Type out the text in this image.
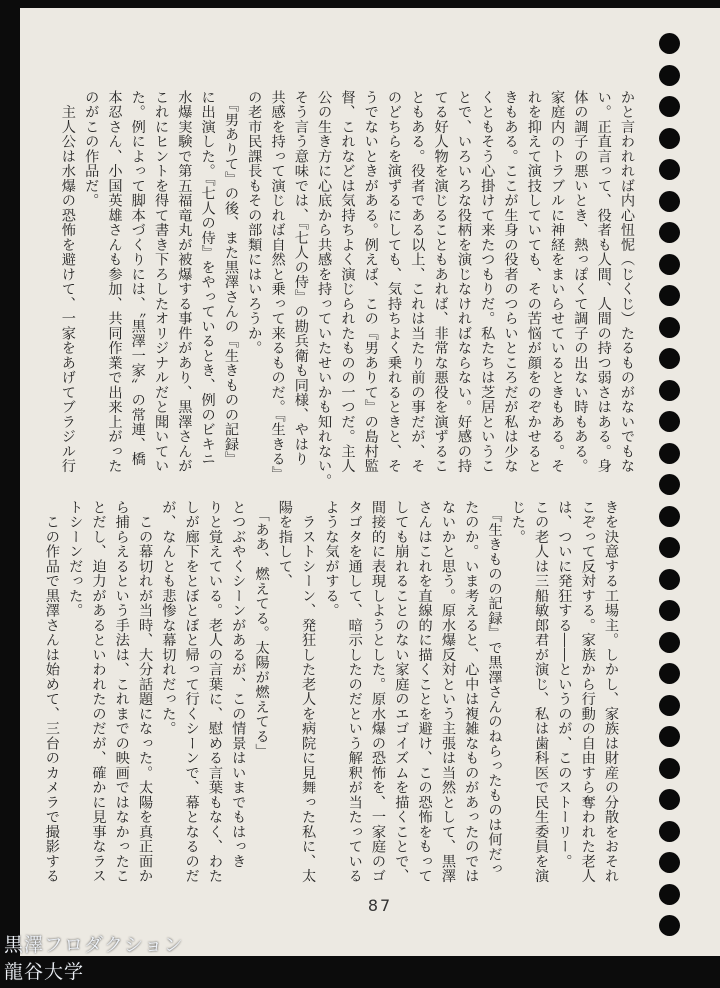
かと言われれば内心忸怩（じくじ）たるものがないでもな
い。正直言って、役者も人間、人間の持つ弱さはある。身
体の調子の悪いとき、熱っぽくて調子の出ない時もある。
家庭内のトラブルに神経をまいらせているときもある。そ
れを抑えて演技していても、その苦悩が顔をのぞかせると
きもある。ここが生身の役者のつらいところだが私は少な
くともそう心掛けて来たつもりだ。私たちは芝居というこ
とで、いろいろな役柄を演じなければならない。好感の持
てる好人物を演じることもあれば、非常な悪役を演ずるこ
ともある。役者である以上、これは当たり前の事だが、そ
のどちらを演ずるにしても、気持ちよく乗れるときと、そ
うでないときがある。例えば、この『男ありて』の島村監
督、これなどは気持ちよく演じられたものの一つだ。主人
公の生き方に心底から共感を持っていたせいかも知れない。
そう言う意味では、『七人の侍』の勘兵衛も同様、やはり
共感を持って演じれば自然と乗って来るものだ。『生きる』
の老市民課長もその部類にはいろうか。
　『男ありて』の後、また黒澤さんの『生きものの記録』
に出演した。『七人の侍』をやっているとき、例のビキニ
水爆実験で第五福竜丸が被爆する事件があり、黒澤さんが
これにヒントを得て書き下ろしたオリジナルだと聞いてい
た。例によって脚本づくりには、〝黒澤一家〟の常連、橋
本忍さん、小国英雄さんも参加、共同作業で出来上がった
のがこの作品だ。
　主人公は水爆の恐怖を避けて、一家をあげてブラジル行
きを決意する工場主。しかし、家族は財産の分散をおそれ
こぞって反対する。家族から行動の自由すら奪われた老人
は、ついに発狂する――というのが、このストーリー。
この老人は三船敏郎君が演じ、私は歯科医で民生委員を演
じた。
　『生きものの記録』で黒澤さんのねらったものは何だっ
たのか。いま考えると、心中は複雑なものがあったのでは
ないかと思う。原水爆反対という主張は当然として、黒澤
さんはこれを直線的に描くことを避け、この恐怖をもって
しても崩れることのない家庭のエゴイズムを描くことで、
間接的に表現しようとした。原水爆の恐怖を、一家庭のゴ
タゴタを通して、暗示したのだという解釈が当たっている
ような気がする。
　ラストシーン、発狂した老人を病院に見舞った私に、太
陽を指して、
　「ああ、燃えてる。太陽が燃えてる」
とつぶやくシーンがあるが、この情景はいまでもはっき
りと覚えている。老人の言葉に、慰める言葉もなく、わた
しが廊下をとぼとぼと帰って行くシーンで、幕となるのだ
が、なんとも悲惨な幕切れだった。
　この幕切れが当時、大分話題になった。太陽を真正面か
ら捕らえるという手法は、これまでの映画ではなかったこ
とだし、迫力があるといわれたのだが、確かに見事なラス
トシーンだった。
　この作品で黒澤さんは始めて、三台のカメラで撮影する
87
黒澤フロダクション
龍谷大学
